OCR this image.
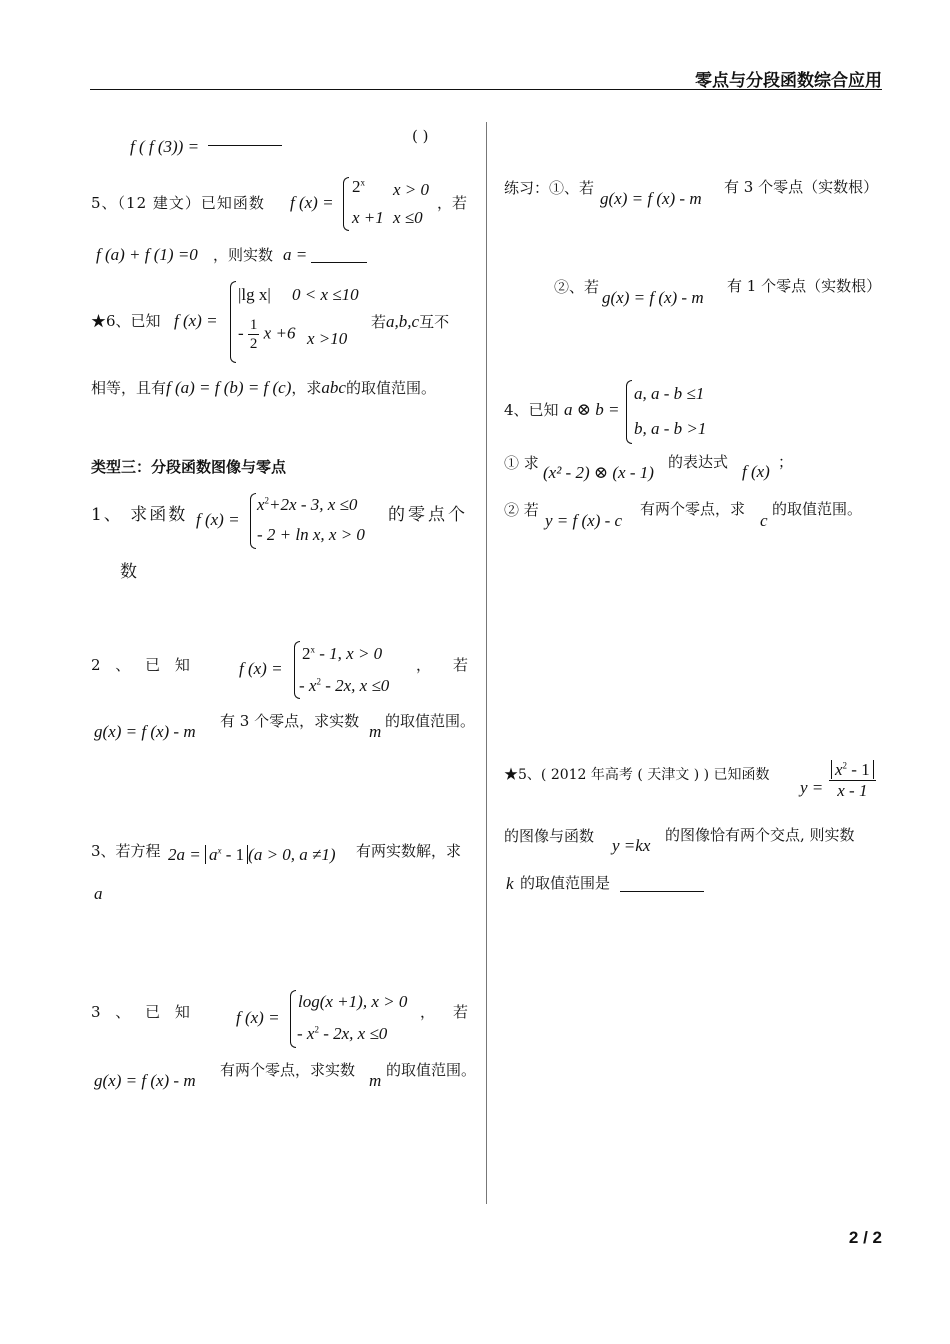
零点与分段函数综合应用
f ( f (3)) =
( )
5、（12 建文）已知函数 f (x) =
$2^x$ x > 0
x +1 x ≤0
，若
f (a) + f (1) =0 ，则实数 a =
★6、已知 f (x) =
|lg x| 0 < x ≤10
- $\frac{1}{2}$ x +6 x >10
若a,b,c互不
相等，且有f (a) = f (b) = f (c)，求abc的取值范围。
类型三：分段函数图像与零点
1、 求函数 f (x) =
$x^2+2x - 3$, x ≤0
- 2 + ln x, x > 0
的零点个
数
2 、 已 知	f (x) =
$2^x - 1$, x > 0
- $x^2 - 2x$, x ≤0
， 若
g(x) = f (x) - m
有 3 个零点，求实数
m
的取值范围。
3、若方程 $2a = a^x - 1$ (a > 0, a ≠1) 有两实数解，求
a
3 、 已 知	f (x) =
log(x +1), x > 0
- $x^2 - 2x$, x ≤0
， 若
g(x) = f (x) - m
有两个零点，求实数
m
的取值范围。
练习：①、若
g(x) = f (x) - m
有 3 个零点（实数根）
②、若
g(x) = f (x) - m
有 1 个零点（实数根）
4、已知 a ⊗ b =
a, a - b ≤1
b, a - b >1
① 求 (x² - 2) ⊗ (x - 1)
的表达式 f (x) ；
② 若
y = f (x) - c
有两个零点，求
c
的取值范围。
★5、( 2012 年高考 ( 天津文 ) ) 已知函数
$y = \frac{x^2 - 1}{x - 1}$
的图像与函数 y =kx
的图像恰有两个交点, 则实数
k 的取值范围是
2 / 2
